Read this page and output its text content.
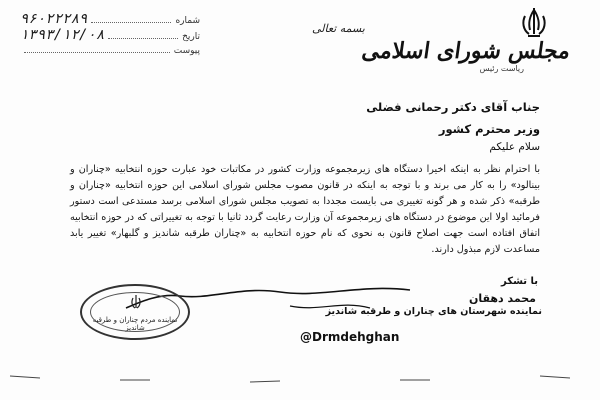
مجلس شورای اسلامی
ریاست رئیس
بسمه تعالی
شماره
۹۶۰۲۲۲۸۹
تاریخ
۱۳۹۳/۱۲/۰۸
پیوست
جناب آقای دکتر رحمانی فضلی
وزیر محترم کشور
سلام علیکم
با احترام نظر به اینکه اخیرا دستگاه های زیرمجموعه وزارت کشور در مکاتبات خود عبارت حوزه انتخابیه «چناران و بینالود» را به کار می برند و با توجه به اینکه در قانون مصوب مجلس شورای اسلامی این حوزه انتخابیه «چناران و طرقبه» ذکر شده و هر گونه تغییری می بایست مجددا به تصویب مجلس شورای اسلامی برسد مستدعی است دستور فرمائید اولا این موضوع در دستگاه های زیرمجموعه آن وزارت رعایت گردد ثانیا با توجه به تغییراتی که در حوزه انتخابیه اتفاق افتاده است جهت اصلاح قانون به نحوی که نام حوزه انتخابیه به «چناران طرقبه شاندیز و گلبهار» تغییر یابد مساعدت لازم مبذول دارند.
با تشکر
محمد دهقان
نماینده شهرستان های چناران و طرقبه شاندیز
نماینده مردم چناران و طرقبه شاندیز
@Drmdehghan
